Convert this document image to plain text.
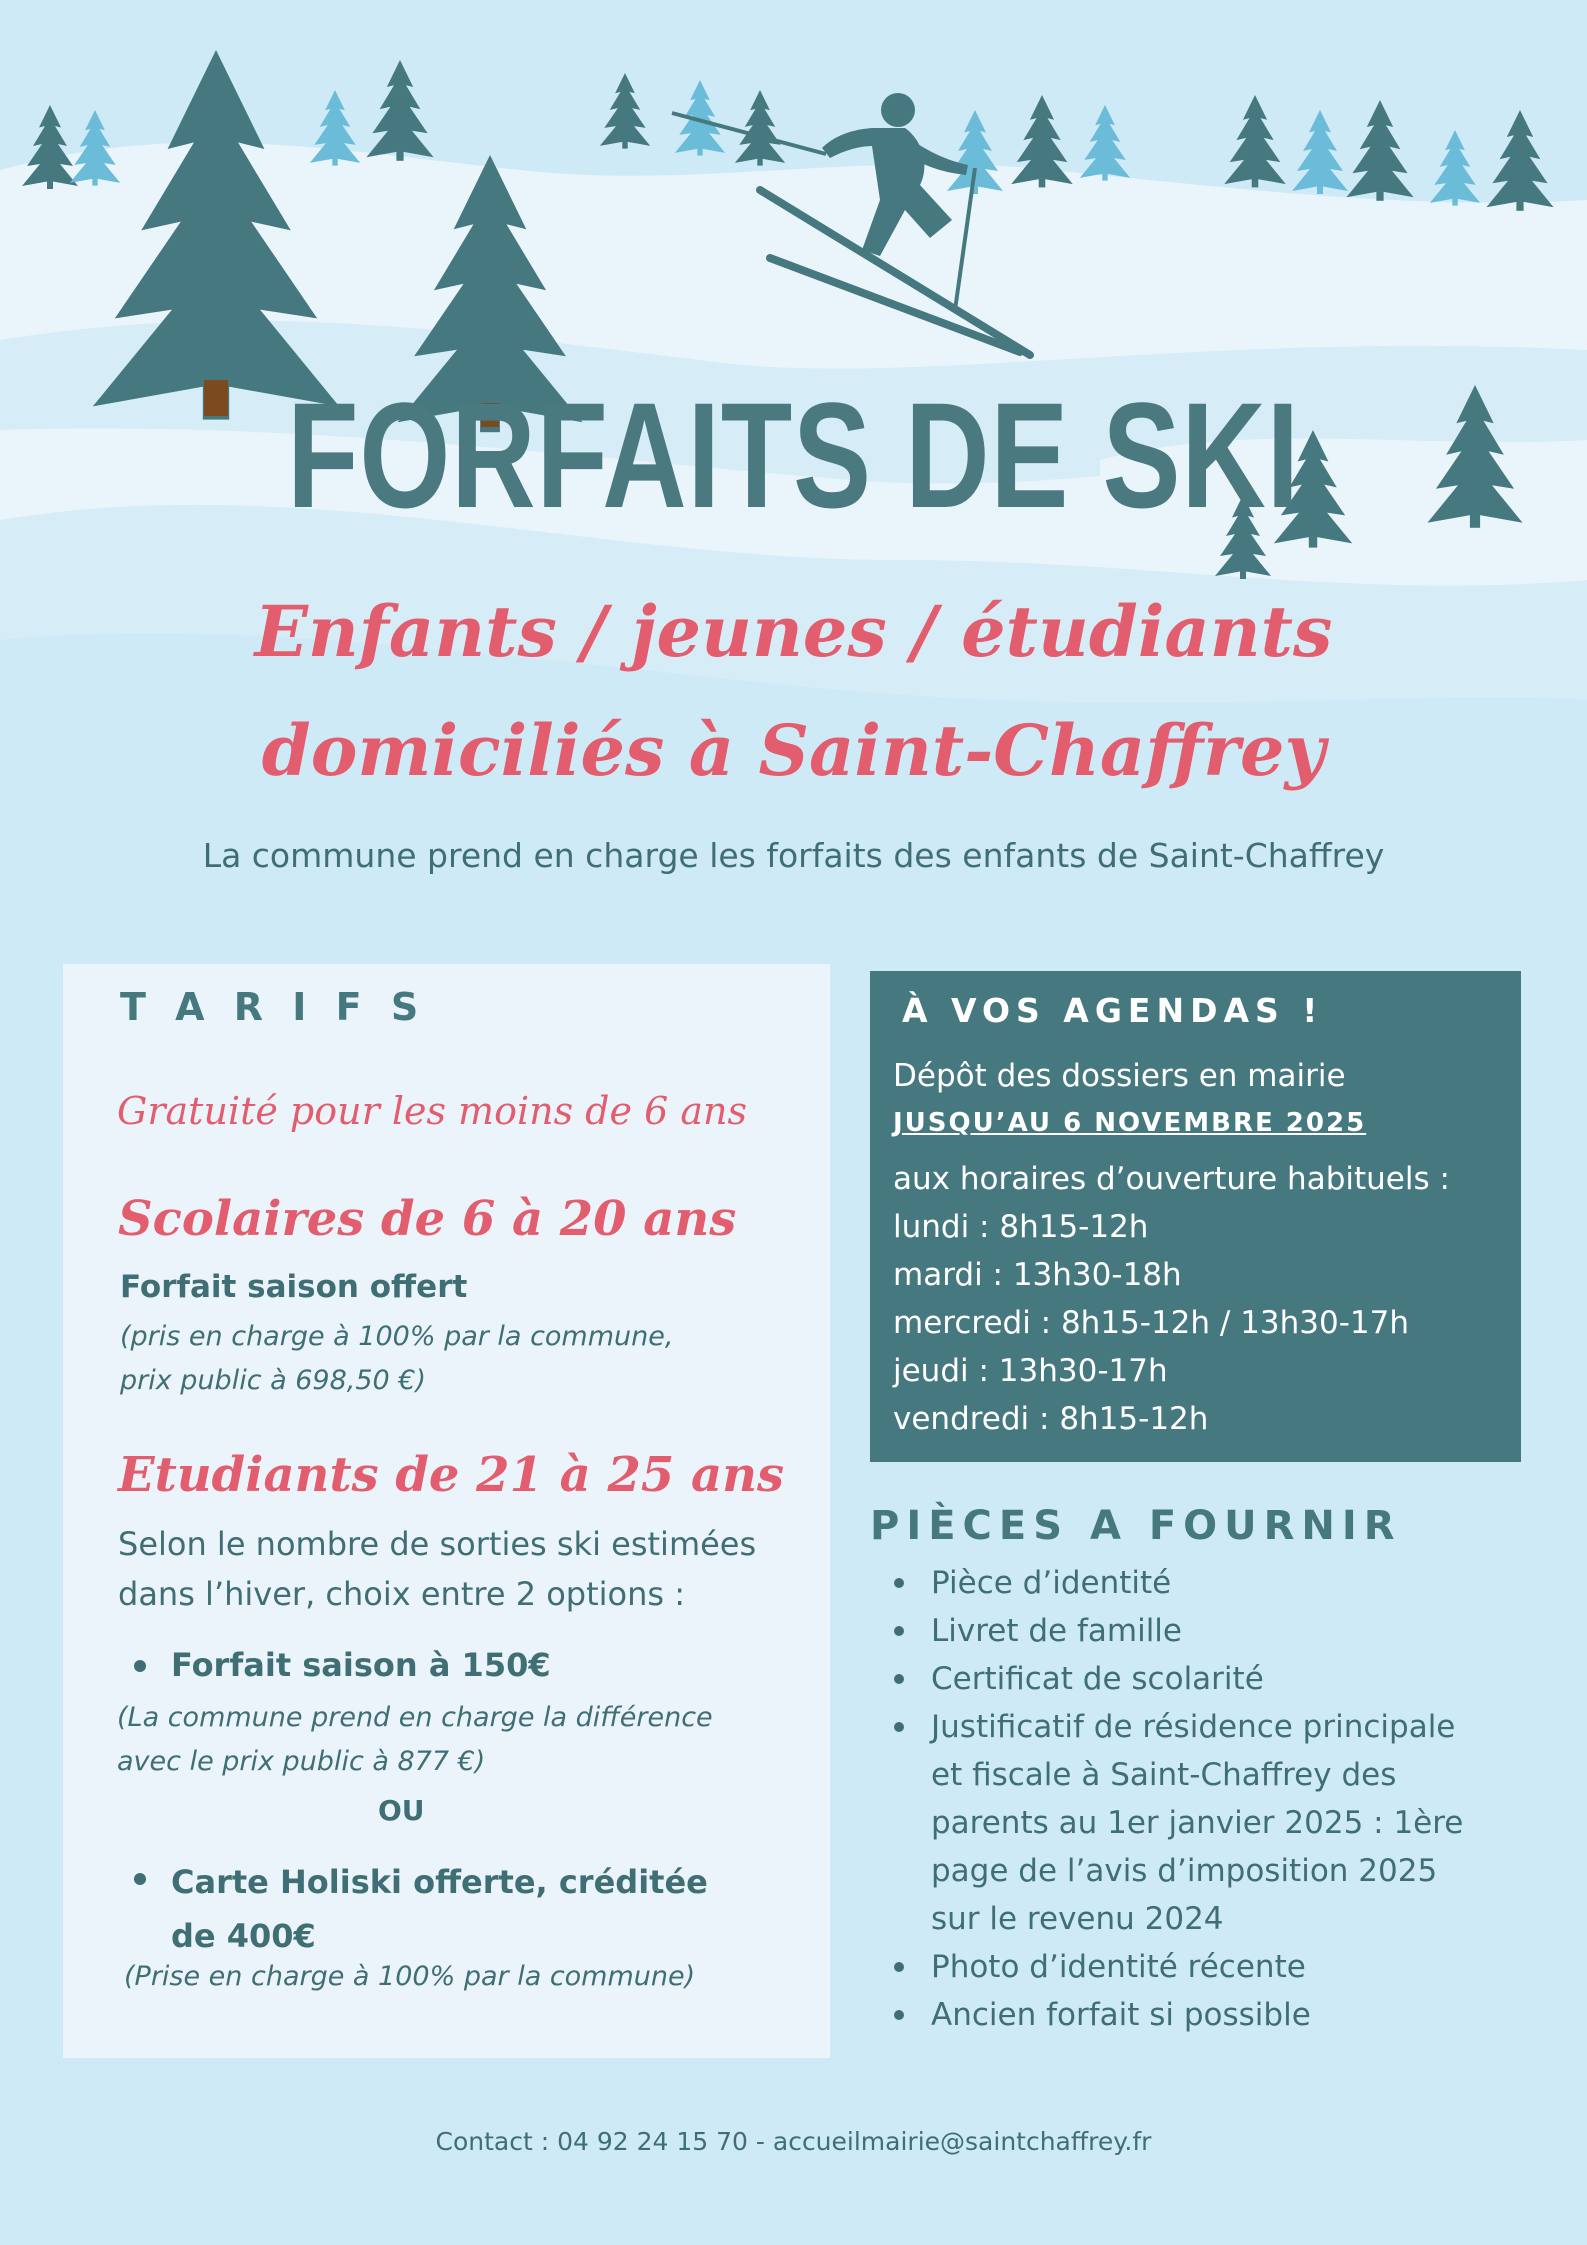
FORFAITS DE SKI
Enfants / jeunes / étudiants
domiciliés à Saint-Chaffrey
La commune prend en charge les forfaits des enfants de Saint-Chaffrey
T A R I F S
Gratuité pour les moins de 6 ans
Scolaires de 6 à 20 ans
Forfait saison offert
(pris en charge à 100% par la commune,
prix public à 698,50 €)
Etudiants de 21 à 25 ans
Selon le nombre de sorties ski estimées
dans l’hiver, choix entre 2 options :
Forfait saison à 150€
(La commune prend en charge la différence
avec le prix public à 877 €)
OU
Carte Holiski offerte, créditée
de 400€
(Prise en charge à 100% par la commune)
À VOS AGENDAS !
Dépôt des dossiers en mairie
JUSQU’AU 6 NOVEMBRE 2025
aux horaires d’ouverture habituels :
lundi : 8h15-12h
mardi : 13h30-18h
mercredi : 8h15-12h / 13h30-17h
jeudi : 13h30-17h
vendredi : 8h15-12h
PIÈCES A FOURNIR
Pièce d’identité
Livret de famille
Certificat de scolarité
Justificatif de résidence principale
et fiscale à Saint-Chaffrey des
parents au 1er janvier 2025 : 1ère
page de l’avis d’imposition 2025
sur le revenu 2024
Photo d’identité récente
Ancien forfait si possible
Contact : 04 92 24 15 70 - accueilmairie@saintchaffrey.fr
